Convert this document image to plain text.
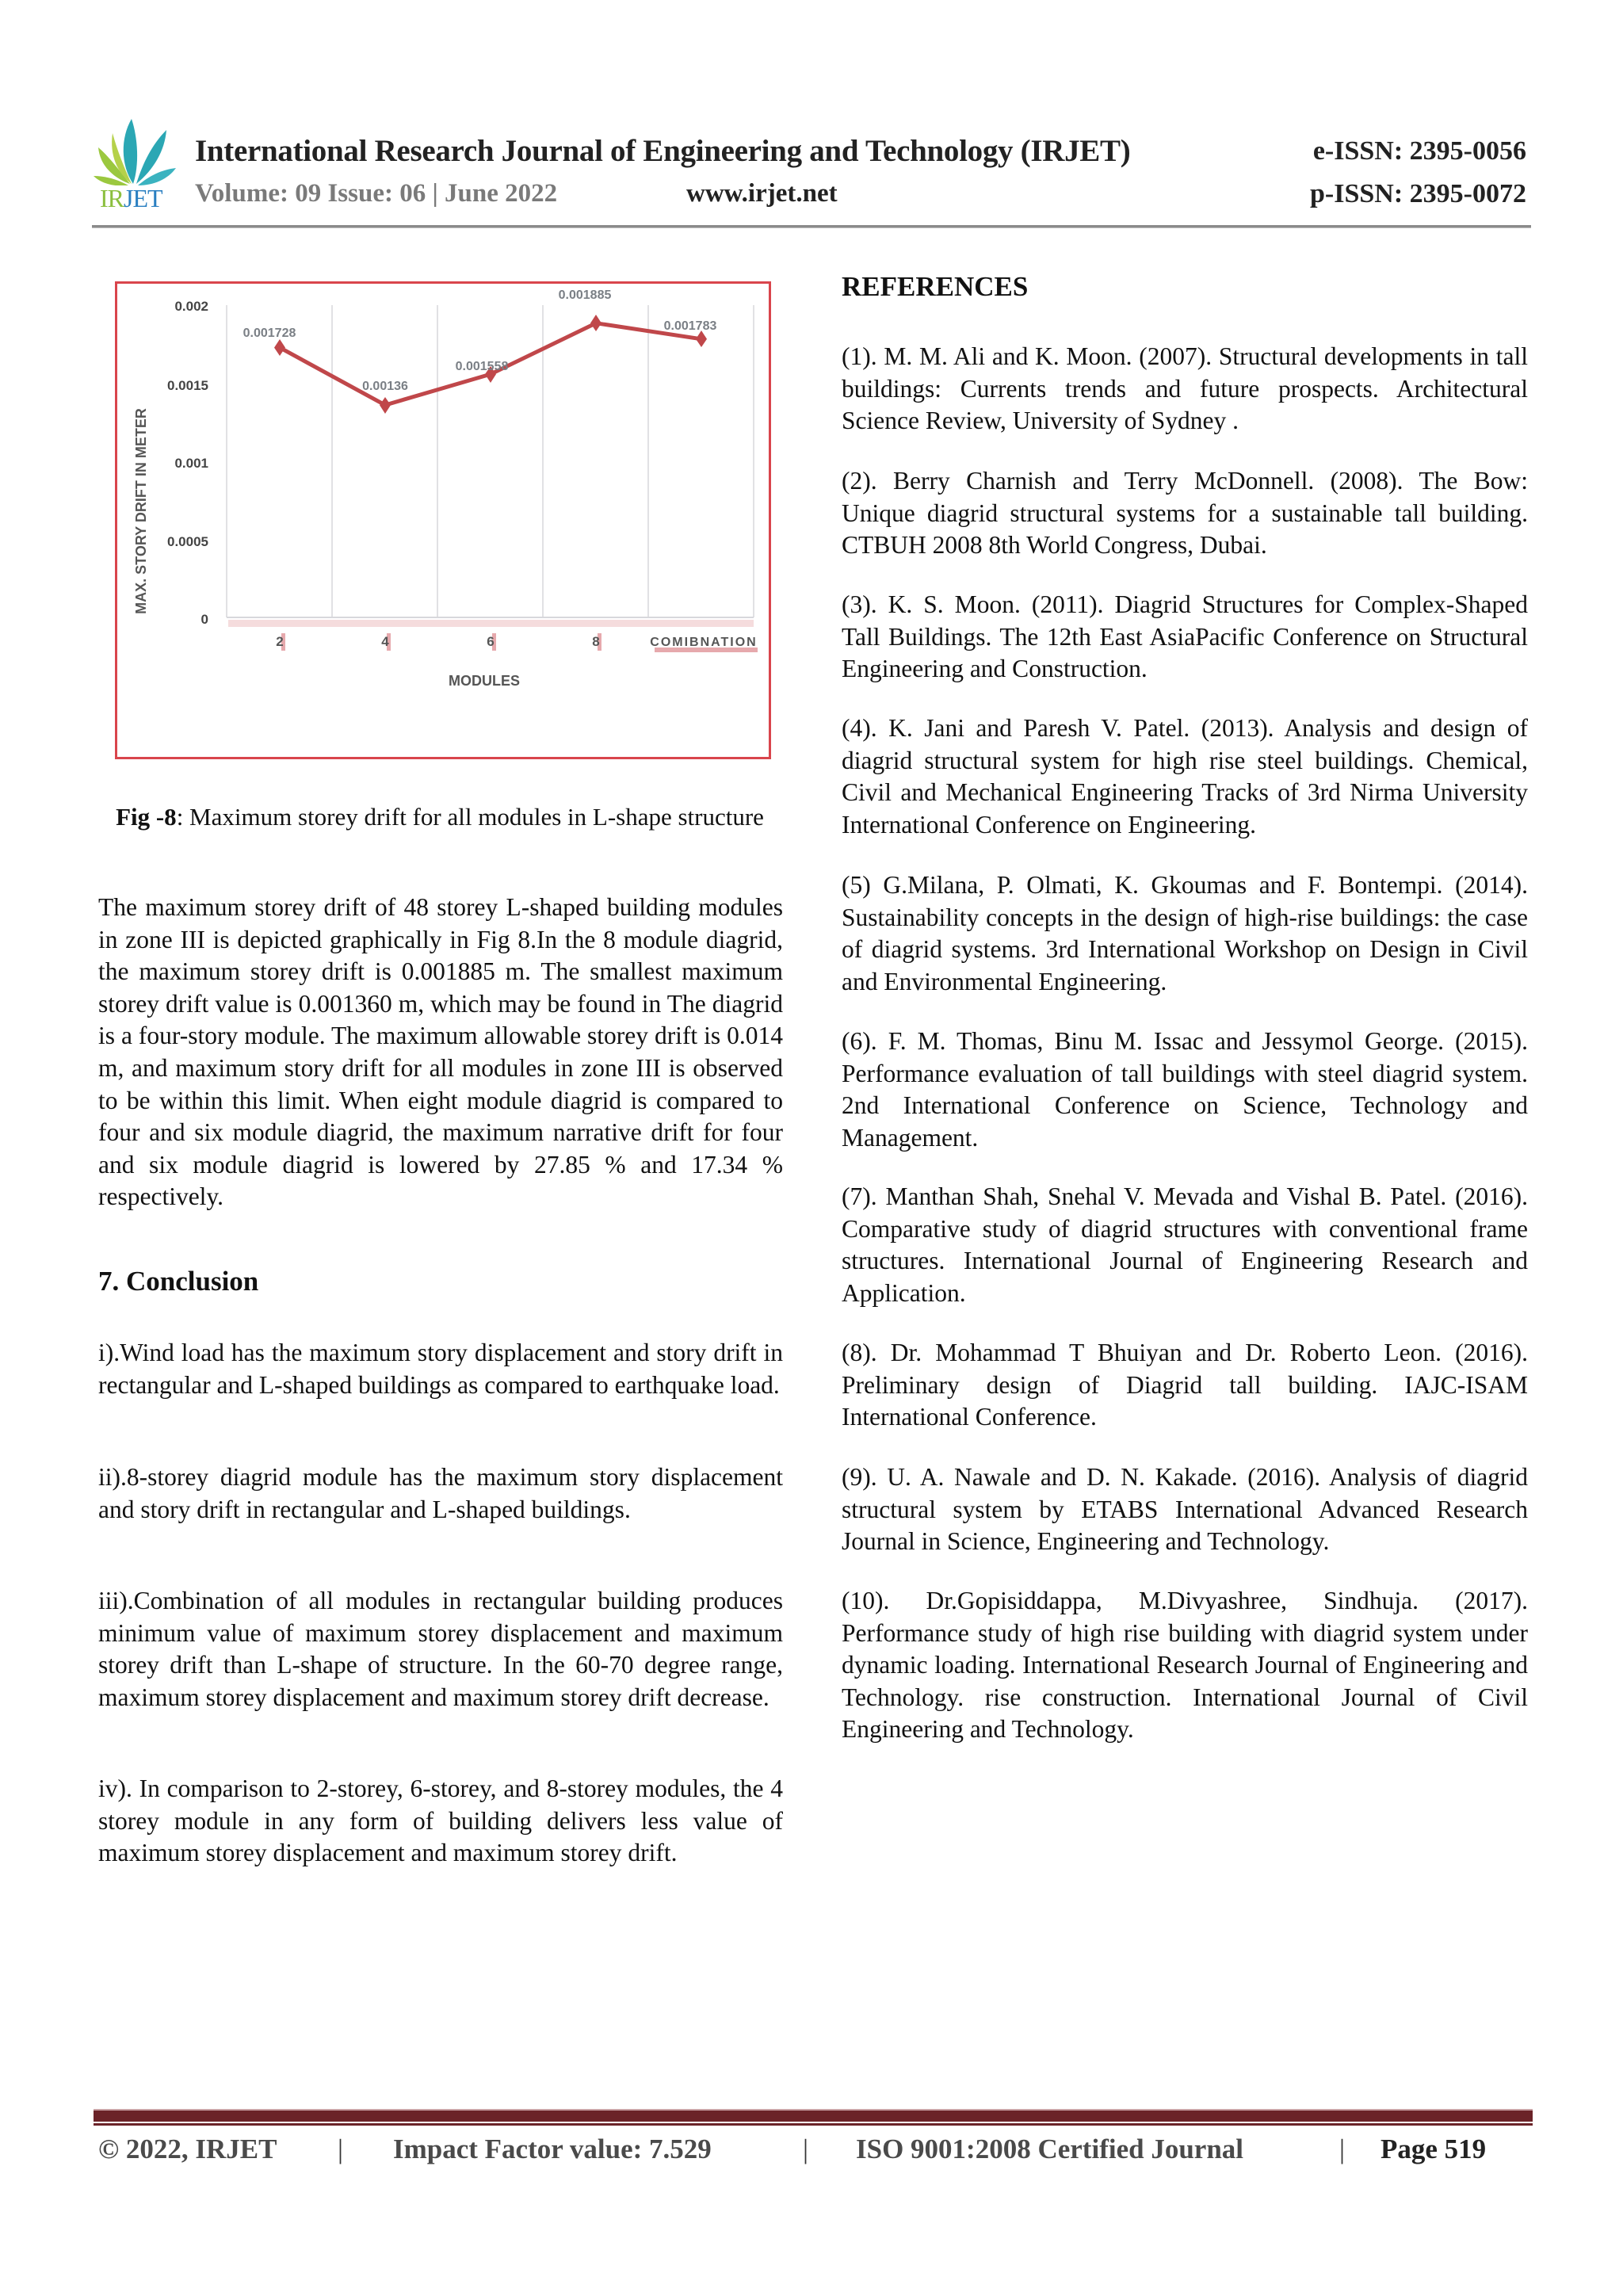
IRJET
International Research Journal of Engineering and Technology (IRJET)	e-ISSN: 2395-0056
Volume: 09 Issue: 06 | June 2022	www.irjet.net	p-ISSN: 2395-0072
0.002
0.0015
0.001
0.0005
0
MAX. STORY DRIFT IN METER
0.001728
0.00136
0.001558
0.001885
0.001783
2	4	6	8	COMIBNATION
MODULES
Fig -8: Maximum storey drift for all modules in L-shape structure

The maximum storey drift of 48 storey L-shaped building modules in zone III is depicted graphically in Fig 8.In the 8 module diagrid, the maximum storey drift is 0.001885 m. The smallest maximum storey drift value is 0.001360 m, which may be found in The diagrid is a four-story module. The maximum allowable storey drift is 0.014 m, and maximum story drift for all modules in zone III is observed to be within this limit. When eight module diagrid is compared to four and six module diagrid, the maximum narrative drift for four and six module diagrid is lowered by 27.85 % and 17.34 % respectively.

7. Conclusion

i).Wind load has the maximum story displacement and story drift in rectangular and L-shaped buildings as compared to earthquake load.

ii).8-storey diagrid module has the maximum story displacement and story drift in rectangular and L-shaped buildings.

iii).Combination of all modules in rectangular building produces minimum value of maximum storey displacement and maximum storey drift than L-shape of structure. In the 60-70 degree range, maximum storey displacement and maximum storey drift decrease.

iv). In comparison to 2-storey, 6-storey, and 8-storey modules, the 4 storey module in any form of building delivers less value of maximum storey displacement and maximum storey drift.

REFERENCES

(1). M. M. Ali and K. Moon. (2007). Structural developments in tall buildings: Currents trends and future prospects. Architectural Science Review, University of Sydney .

(2). Berry Charnish and Terry McDonnell. (2008). The Bow: Unique diagrid structural systems for a sustainable tall building. CTBUH 2008 8th World Congress, Dubai.

(3). K. S. Moon. (2011). Diagrid Structures for Complex-Shaped Tall Buildings. The 12th East AsiaPacific Conference on Structural Engineering and Construction.

(4). K. Jani and Paresh V. Patel. (2013). Analysis and design of diagrid structural system for high rise steel buildings. Chemical, Civil and Mechanical Engineering Tracks of 3rd Nirma University International Conference on Engineering.

(5) G.Milana, P. Olmati, K. Gkoumas and F. Bontempi. (2014). Sustainability concepts in the design of high-rise buildings: the case of diagrid systems. 3rd International Workshop on Design in Civil and Environmental Engineering.

(6). F. M. Thomas, Binu M. Issac and Jessymol George. (2015). Performance evaluation of tall buildings with steel diagrid system. 2nd International Conference on Science, Technology and Management.

(7). Manthan Shah, Snehal V. Mevada and Vishal B. Patel. (2016). Comparative study of diagrid structures with conventional frame structures. International Journal of Engineering Research and Application.

(8). Dr. Mohammad T Bhuiyan and Dr. Roberto Leon. (2016). Preliminary design of Diagrid tall building. IAJC-ISAM International Conference.

(9). U. A. Nawale and D. N. Kakade. (2016). Analysis of diagrid structural system by ETABS International Advanced Research Journal in Science, Engineering and Technology.

(10). Dr.Gopisiddappa, M.Divyashree, Sindhuja. (2017). Performance study of high rise building with diagrid system under dynamic loading. International Research Journal of Engineering and Technology. rise construction. International Journal of Civil Engineering and Technology.

© 2022, IRJET | Impact Factor value: 7.529	| ISO 9001:2008 Certified Journal	| Page 519
